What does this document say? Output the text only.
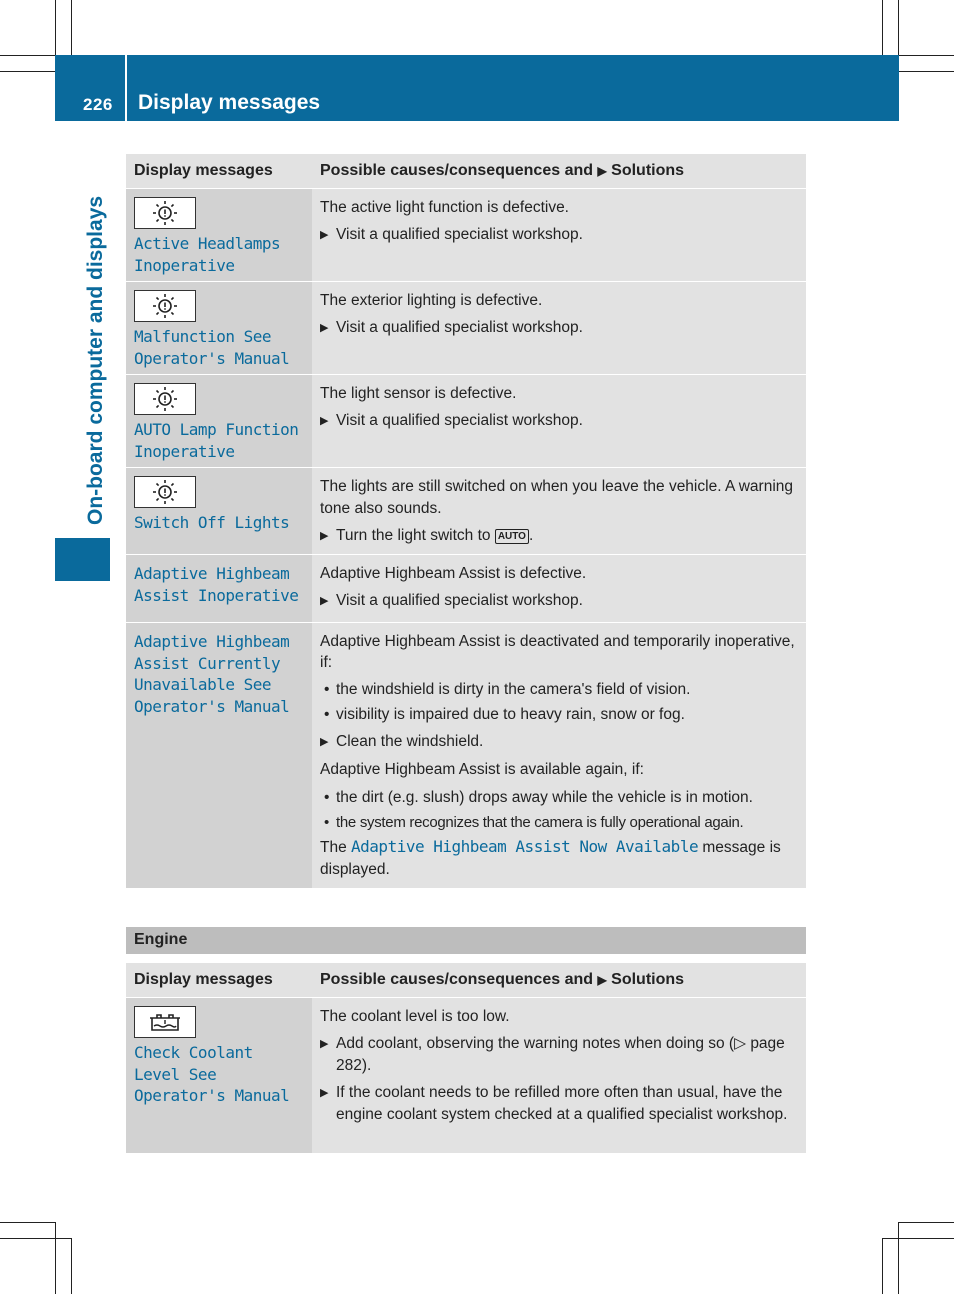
226 Display messages
On-board computer and displays
Display messages	Possible causes/consequences and ▶ Solutions
Active Headlamps
Inoperative
The active light function is defective.
▶ Visit a qualified specialist workshop.
Malfunction See
Operator's Manual
The exterior lighting is defective.
▶ Visit a qualified specialist workshop.
AUTO Lamp Function
Inoperative
The light sensor is defective.
▶ Visit a qualified specialist workshop.
Switch Off Lights
The lights are still switched on when you leave the vehicle. A warning tone also sounds.
▶ Turn the light switch to AUTO .
Adaptive Highbeam
Assist Inoperative
Adaptive Highbeam Assist is defective.
▶ Visit a qualified specialist workshop.
Adaptive Highbeam
Assist Currently
Unavailable See
Operator's Manual
Adaptive Highbeam Assist is deactivated and temporarily inoperative, if:
• the windshield is dirty in the camera's field of vision.
• visibility is impaired due to heavy rain, snow or fog.
▶ Clean the windshield.
Adaptive Highbeam Assist is available again, if:
• the dirt (e.g. slush) drops away while the vehicle is in motion.
• the system recognizes that the camera is fully operational again.
The Adaptive Highbeam Assist Now Available message is displayed.
Engine
Display messages	Possible causes/consequences and ▶ Solutions
Check Coolant
Level See
Operator's Manual
The coolant level is too low.
▶ Add coolant, observing the warning notes when doing so (▷ page 282).
▶ If the coolant needs to be refilled more often than usual, have the engine coolant system checked at a qualified specialist workshop.
